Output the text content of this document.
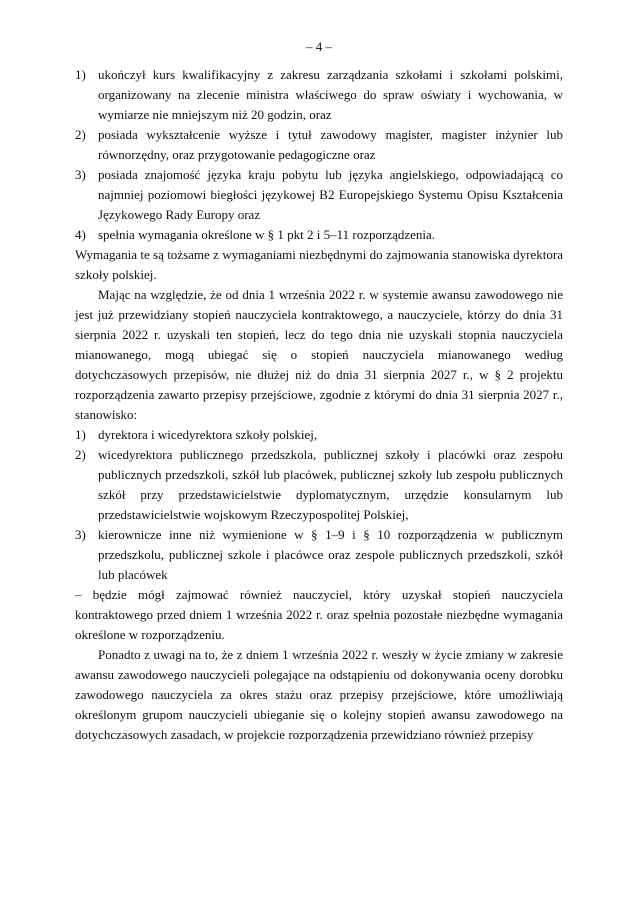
– 4 –
1) ukończył kurs kwalifikacyjny z zakresu zarządzania szkołami i szkołami polskimi, organizowany na zlecenie ministra właściwego do spraw oświaty i wychowania, w wymiarze nie mniejszym niż 20 godzin, oraz
2) posiada wykształcenie wyższe i tytuł zawodowy magister, magister inżynier lub równorzędny, oraz przygotowanie pedagogiczne oraz
3) posiada znajomość języka kraju pobytu lub języka angielskiego, odpowiadającą co najmniej poziomowi biegłości językowej B2 Europejskiego Systemu Opisu Kształcenia Językowego Rady Europy oraz
4) spełnia wymagania określone w § 1 pkt 2 i 5–11 rozporządzenia.

Wymagania te są tożsame z wymaganiami niezbędnymi do zajmowania stanowiska dyrektora szkoły polskiej.

Mając na względzie, że od dnia 1 września 2022 r. w systemie awansu zawodowego nie jest już przewidziany stopień nauczyciela kontraktowego, a nauczyciele, którzy do dnia 31 sierpnia 2022 r. uzyskali ten stopień, lecz do tego dnia nie uzyskali stopnia nauczyciela mianowanego, mogą ubiegać się o stopień nauczyciela mianowanego według dotychczasowych przepisów, nie dłużej niż do dnia 31 sierpnia 2027 r., w § 2 projektu rozporządzenia zawarto przepisy przejściowe, zgodnie z którymi do dnia 31 sierpnia 2027 r., stanowisko:

1) dyrektora i wicedyrektora szkoły polskiej,
2) wicedyrektora publicznego przedszkola, publicznej szkoły i placówki oraz zespołu publicznych przedszkoli, szkół lub placówek, publicznej szkoły lub zespołu publicznych szkół przy przedstawicielstwie dyplomatycznym, urzędzie konsularnym lub przedstawicielstwie wojskowym Rzeczypospolitej Polskiej,
3) kierownicze inne niż wymienione w § 1–9 i § 10 rozporządzenia w publicznym przedszkolu, publicznej szkole i placówce oraz zespole publicznych przedszkoli, szkół lub placówek

– będzie mógł zajmować również nauczyciel, który uzyskał stopień nauczyciela kontraktowego przed dniem 1 września 2022 r. oraz spełnia pozostałe niezbędne wymagania określone w rozporządzeniu.

Ponadto z uwagi na to, że z dniem 1 września 2022 r. weszły w życie zmiany w zakresie awansu zawodowego nauczycieli polegające na odstąpieniu od dokonywania oceny dorobku zawodowego nauczyciela za okres stażu oraz przepisy przejściowe, które umożliwiają określonym grupom nauczycieli ubieganie się o kolejny stopień awansu zawodowego na dotychczasowych zasadach, w projekcie rozporządzenia przewidziano również przepisy
